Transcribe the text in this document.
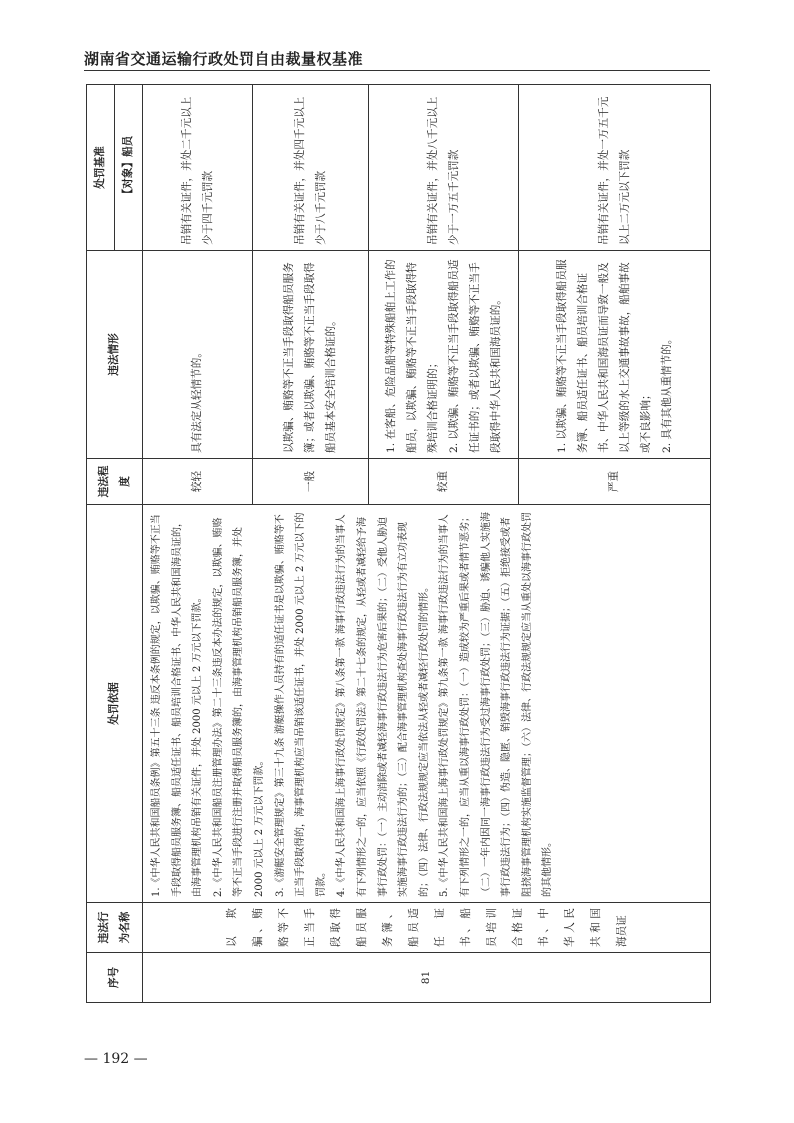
湖南省交通运输行政处罚自由裁量权基准
序号	违法行为名称	处罚依据	违法程度	违法情形	处罚基准
					【对象】船员
81	以欺骗、贿赂等不正当手段取得船员服务簿、船员适任证书、船员培训合格证书、中华人民共和国海员证	1.《中华人民共和国船员条例》第五十三条 违反本条例的规定，以欺骗、贿赂等不正当手段取得船员服务簿、船员适任证书、船员培训合格证书、中华人民共和国海员证的，由海事管理机构吊销有关证件，并处 2000 元以上 2 万元以下罚款。 2.《中华人民共和国船员注册管理办法》第二十三条违反本办法的规定，以欺骗、贿赂等不正当手段进行注册并取得船员服务簿的，由海事管理机构吊销船员服务簿，并处 2000 元以上 2 万元以下罚款。 3.《游艇安全管理规定》第三十九条 游艇操作人员持有的适任证书是以欺骗、贿赂等不正当手段取得的，海事管理机构应当吊销该适任证书，并处 2000 元以上 2 万元以下的罚款。 4.《中华人民共和国海上海事行政处罚规定》第八条第一款 海事行政违法行为的当事人有下列情形之一的，应当依照《行政处罚法》第二十七条的规定，从轻或者减轻给予海事行政处罚：（一）主动消除或者减轻海事行政违法行为危害后果的；（二）受他人胁迫实施海事行政违法行为的；（三）配合海事管理机构查处海事行政违法行为有立功表现的；（四）法律、行政法规规定应当依法从轻或者减轻行政处罚的情形。 5.《中华人民共和国海上海事行政处罚规定》第九条第一款 海事行政违法行为的当事人有下列情形之一的，应当从重以海事行政处罚：（一）造成较为严重后果或者情节恶劣；（二）一年内因同一海事行政违法行为受过海事行政处罚；（三）胁迫、诱骗他人实施海事行政违法行为；（四）伪造、隐匿、销毁海事行政违法行为证据；（五）拒绝接受或者阻挠海事管理机构实施监督管理；（六）法律、行政法规规定应当从重处以海事行政处罚的其他情形。	较轻	具有法定从轻情节的。	吊销有关证件，并处二千元以上少于四千元罚款
			一般	以欺骗、贿赂等不正当手段取得船员服务簿；或者以欺骗、贿赂等不正当手段取得船员基本安全培训合格证的。	吊销有关证件，并处四千元以上少于八千元罚款
			较重	1. 在客船、危险品船等特殊船舶上工作的船员，以欺骗、贿赂等不正当手段取得特殊培训合格证明的； 2. 以欺骗、贿赂等不正当手段取得船员适任证书的；或者以欺骗、贿赂等不正当手段取得中华人民共和国海员证的。	吊销有关证件，并处八千元以上少于一万五千元罚款
			严重	1. 以欺骗、贿赂等不正当手段取得船员服务簿、船员适任证书、船员培训合格证书、中华人民共和国海员证而导致一般及以上等级的水上交通事故事故，船舶事故或不良影响； 2. 具有其他从重情节的。	吊销有关证件，并处一万五千元以上二万元以下罚款
— 192 —
